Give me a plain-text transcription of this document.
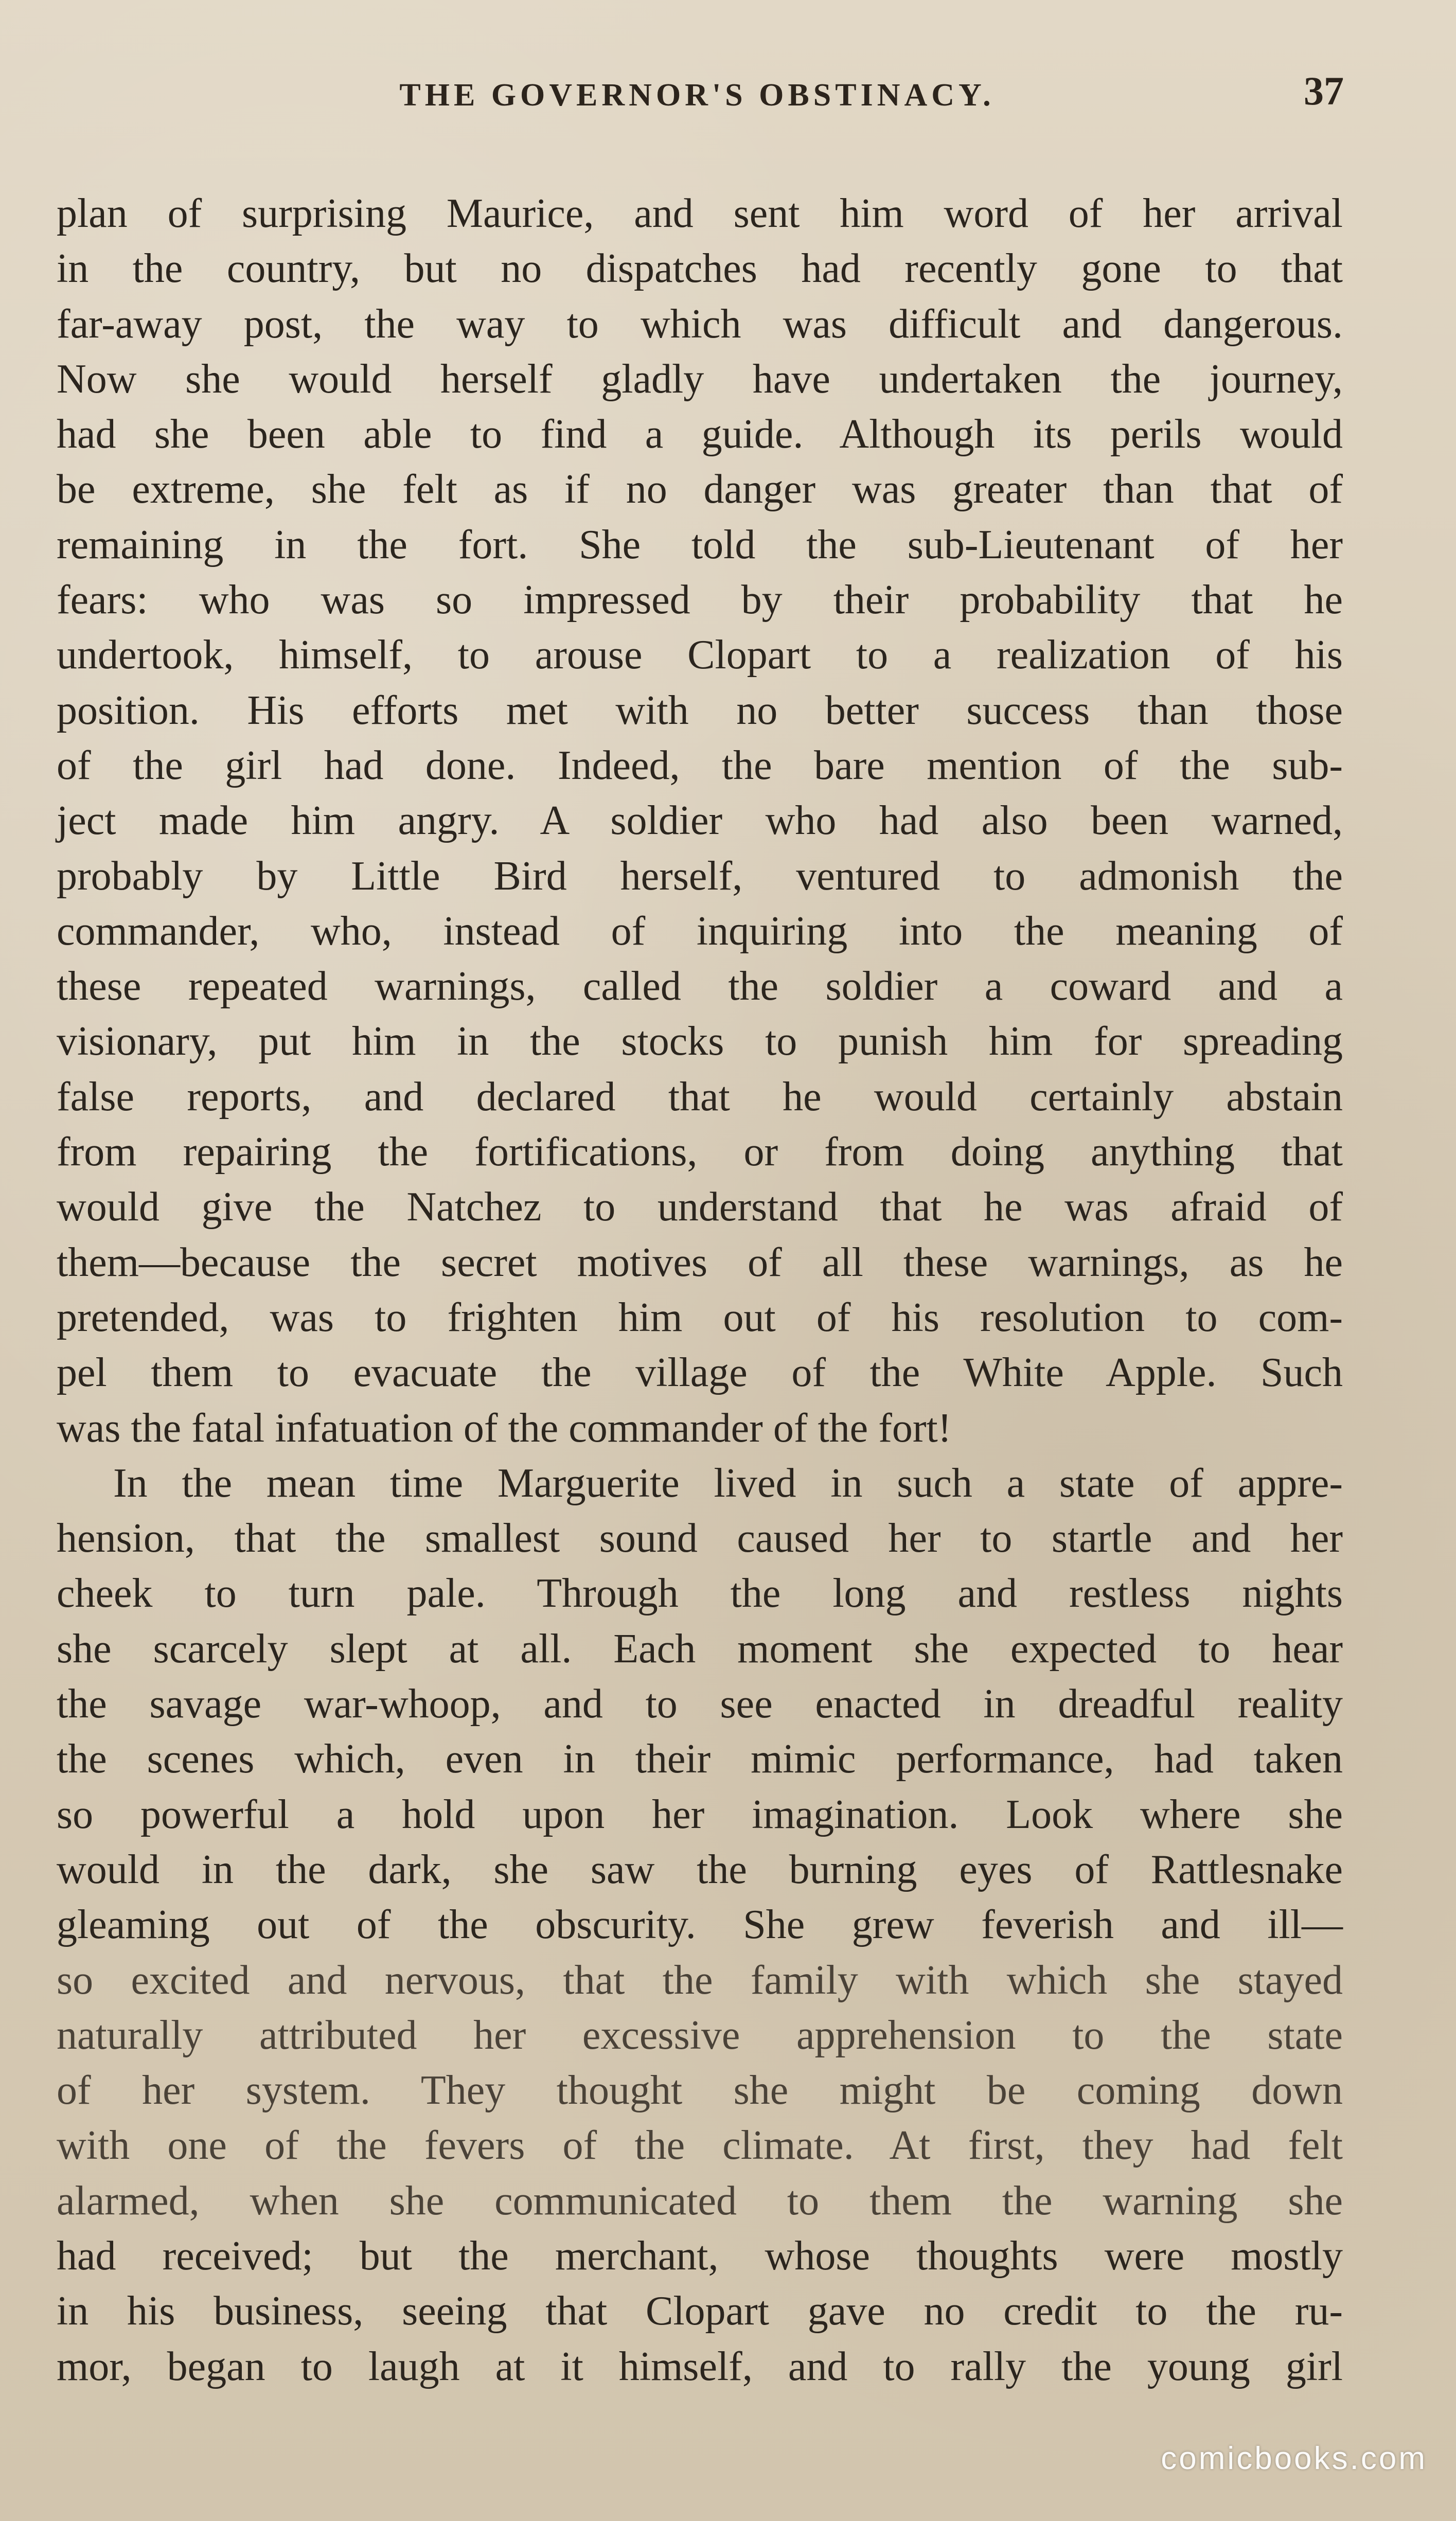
THE GOVERNOR'S OBSTINACY.	37
plan of surprising Maurice, and sent him word of her arrival
in the country, but no dispatches had recently gone to that
far-away post, the way to which was difficult and dangerous.
Now she would herself gladly have undertaken the journey,
had she been able to find a guide. Although its perils would
be extreme, she felt as if no danger was greater than that of
remaining in the fort. She told the sub-Lieutenant of her
fears: who was so impressed by their probability that he
undertook, himself, to arouse Clopart to a realization of his
position. His efforts met with no better success than those
of the girl had done. Indeed, the bare mention of the sub-
ject made him angry. A soldier who had also been warned,
probably by Little Bird herself, ventured to admonish the
commander, who, instead of inquiring into the meaning of
these repeated warnings, called the soldier a coward and a
visionary, put him in the stocks to punish him for spreading
false reports, and declared that he would certainly abstain
from repairing the fortifications, or from doing anything that
would give the Natchez to understand that he was afraid of
them—because the secret motives of all these warnings, as he
pretended, was to frighten him out of his resolution to com-
pel them to evacuate the village of the White Apple. Such
was the fatal infatuation of the commander of the fort!
In the mean time Marguerite lived in such a state of appre-
hension, that the smallest sound caused her to startle and her
cheek to turn pale. Through the long and restless nights
she scarcely slept at all. Each moment she expected to hear
the savage war-whoop, and to see enacted in dreadful reality
the scenes which, even in their mimic performance, had taken
so powerful a hold upon her imagination. Look where she
would in the dark, she saw the burning eyes of Rattlesnake
gleaming out of the obscurity. She grew feverish and ill—
so excited and nervous, that the family with which she stayed
naturally attributed her excessive apprehension to the state
of her system. They thought she might be coming down
with one of the fevers of the climate. At first, they had felt
alarmed, when she communicated to them the warning she
had received; but the merchant, whose thoughts were mostly
in his business, seeing that Clopart gave no credit to the ru-
mor, began to laugh at it himself, and to rally the young girl
comicbooks.com
